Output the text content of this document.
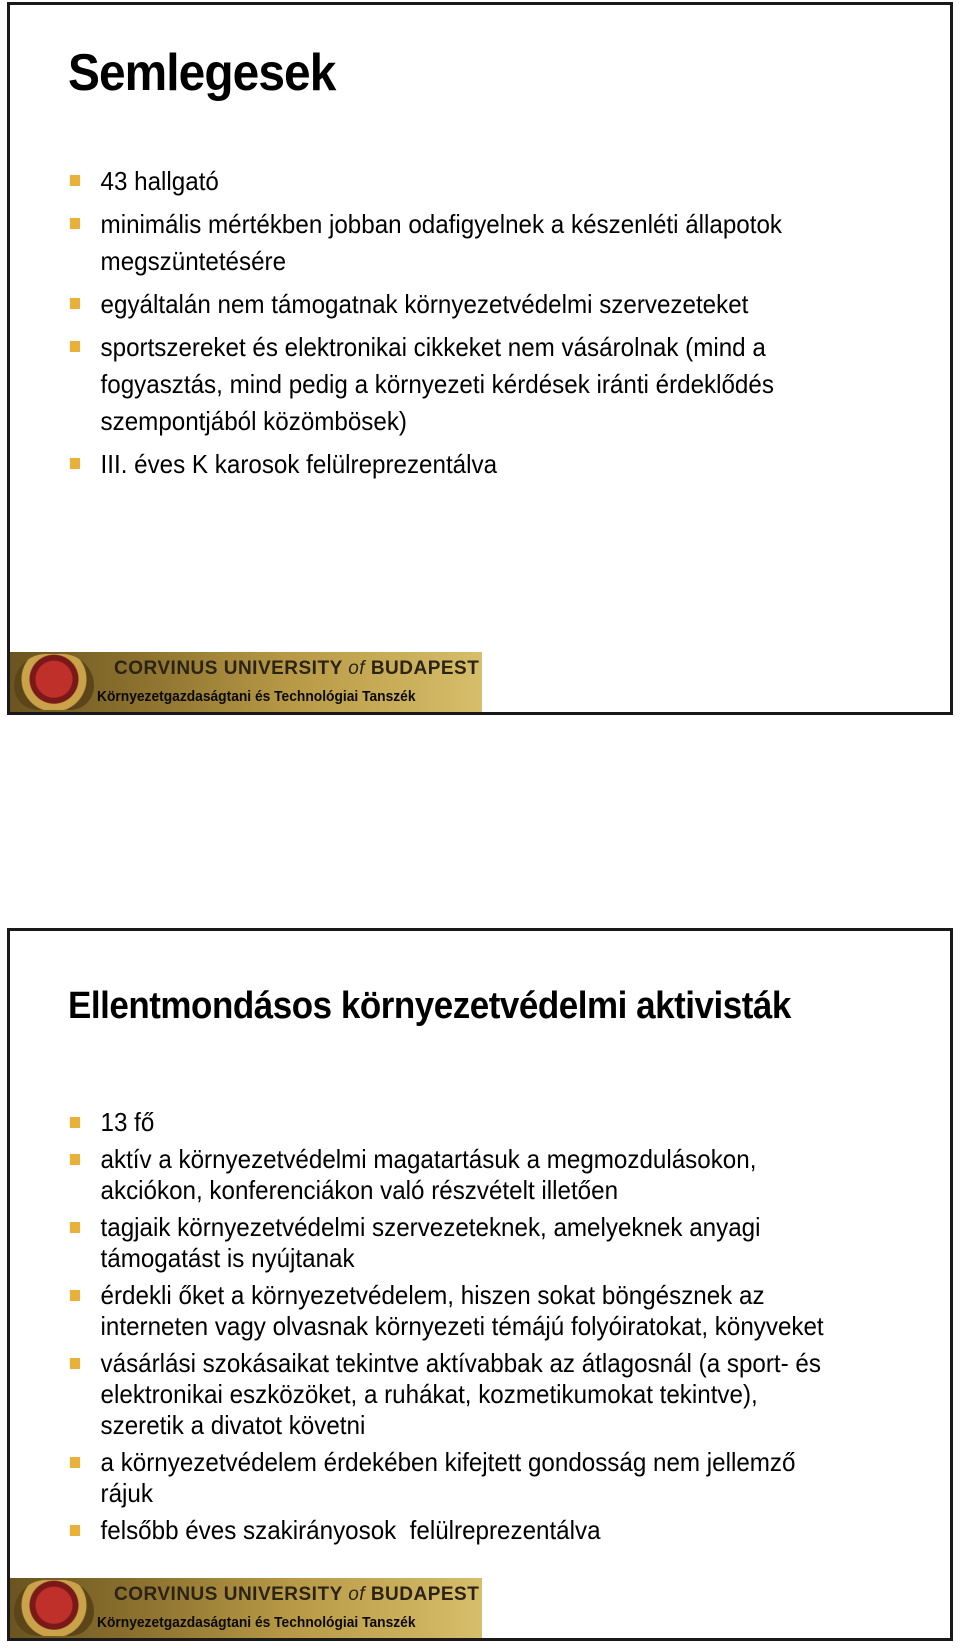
Semlegesek
43 hallgató
minimális mértékben jobban odafigyelnek a készenléti állapotok megszüntetésére
egyáltalán nem támogatnak környezetvédelmi szervezeteket
sportszereket és elektronikai cikkeket nem vásárolnak (mind a fogyasztás, mind pedig a környezeti kérdések iránti érdeklődés szempontjából közömbösek)
III. éves K karosok felülreprezentálva
CORVINUS UNIVERSITY of BUDAPEST
Környezetgazdaságtani és Technológiai Tanszék
Ellentmondásos környezetvédelmi aktivisták
13 fő
aktív a környezetvédelmi magatartásuk a megmozdulásokon, akciókon, konferenciákon való részvételt illetően
tagjaik környezetvédelmi szervezeteknek, amelyeknek anyagi támogatást is nyújtanak
érdekli őket a környezetvédelem, hiszen sokat böngésznek az interneten vagy olvasnak környezeti témájú folyóiratokat, könyveket
vásárlási szokásaikat tekintve aktívabbak az átlagosnál (a sport- és elektronikai eszközöket, a ruhákat, kozmetikumokat tekintve), szeretik a divatot követni
a környezetvédelem érdekében kifejtett gondosság nem jellemző rájuk
felsőbb éves szakirányosok  felülreprezentálva
CORVINUS UNIVERSITY of BUDAPEST
Környezetgazdaságtani és Technológiai Tanszék
